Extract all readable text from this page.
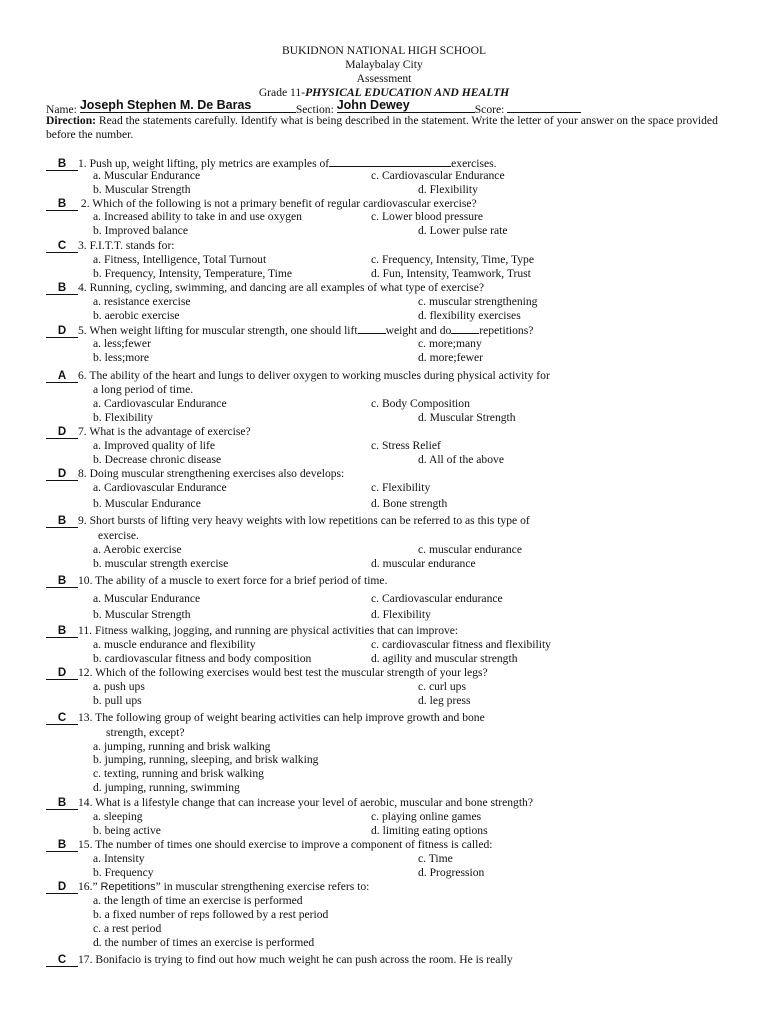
BUKIDNON NATIONAL HIGH SCHOOL
Malaybalay City
Assessment
Grade 11-PHYSICAL EDUCATION AND HEALTH
Name: Joseph Stephen M. De Baras	Section: John Dewey	Score:
Direction: Read the statements carefully. Identify what is being described in the statement. Write the letter of your answer on the space provided before the number.
B 1. Push up, weight lifting, ply metrics are examples of	exercises.
a. Muscular Endurance	c. Cardiovascular Endurance
b. Muscular Strength	d. Flexibility
B 2. Which of the following is not a primary benefit of regular cardiovascular exercise?
a. Increased ability to take in and use oxygen	c. Lower blood pressure
b. Improved balance	d. Lower pulse rate
C 3. F.I.T.T. stands for:
a. Fitness, Intelligence, Total Turnout	c. Frequency, Intensity, Time, Type
b. Frequency, Intensity, Temperature, Time	d. Fun, Intensity, Teamwork, Trust
B 4. Running, cycling, swimming, and dancing are all examples of what type of exercise?
a. resistance exercise	c. muscular strengthening
b. aerobic exercise	d. flexibility exercises
D 5. When weight lifting for muscular strength, one should lift weight and do repetitions?
a. less;fewer	c. more;many
b. less;more	d. more;fewer
A 6. The ability of the heart and lungs to deliver oxygen to working muscles during physical activity for
a long period of time.
a. Cardiovascular Endurance	c. Body Composition
b. Flexibility	d. Muscular Strength
D 7. What is the advantage of exercise?
a. Improved quality of life	c. Stress Relief
b. Decrease chronic disease	d. All of the above
D 8. Doing muscular strengthening exercises also develops:
a. Cardiovascular Endurance	c. Flexibility
b. Muscular Endurance	d. Bone strength
B 9. Short bursts of lifting very heavy weights with low repetitions can be referred to as this type of
exercise.
a. Aerobic exercise	c. muscular endurance
b. muscular strength exercise	d. muscular endurance
B 10. The ability of a muscle to exert force for a brief period of time.
a. Muscular Endurance	c. Cardiovascular endurance
b. Muscular Strength	d. Flexibility
B 11. Fitness walking, jogging, and running are physical activities that can improve:
a. muscle endurance and flexibility	c. cardiovascular fitness and flexibility
b. cardiovascular fitness and body composition	d. agility and muscular strength
D 12. Which of the following exercises would best test the muscular strength of your legs?
a. push ups	c. curl ups
b. pull ups	d. leg press
C 13. The following group of weight bearing activities can help improve growth and bone
strength, except?
a. jumping, running and brisk walking
b. jumping, running, sleeping, and brisk walking
c. texting, running and brisk walking
d. jumping, running, swimming
B 14. What is a lifestyle change that can increase your level of aerobic, muscular and bone strength?
a. sleeping	c. playing online games
b. being active	d. limiting eating options
B 15. The number of times one should exercise to improve a component of fitness is called:
a. Intensity	c. Time
b. Frequency	d. Progression
D 16.” Repetitions” in muscular strengthening exercise refers to:
a. the length of time an exercise is performed
b. a fixed number of reps followed by a rest period
c. a rest period
d. the number of times an exercise is performed
C 17. Bonifacio is trying to find out how much weight he can push across the room. He is really
